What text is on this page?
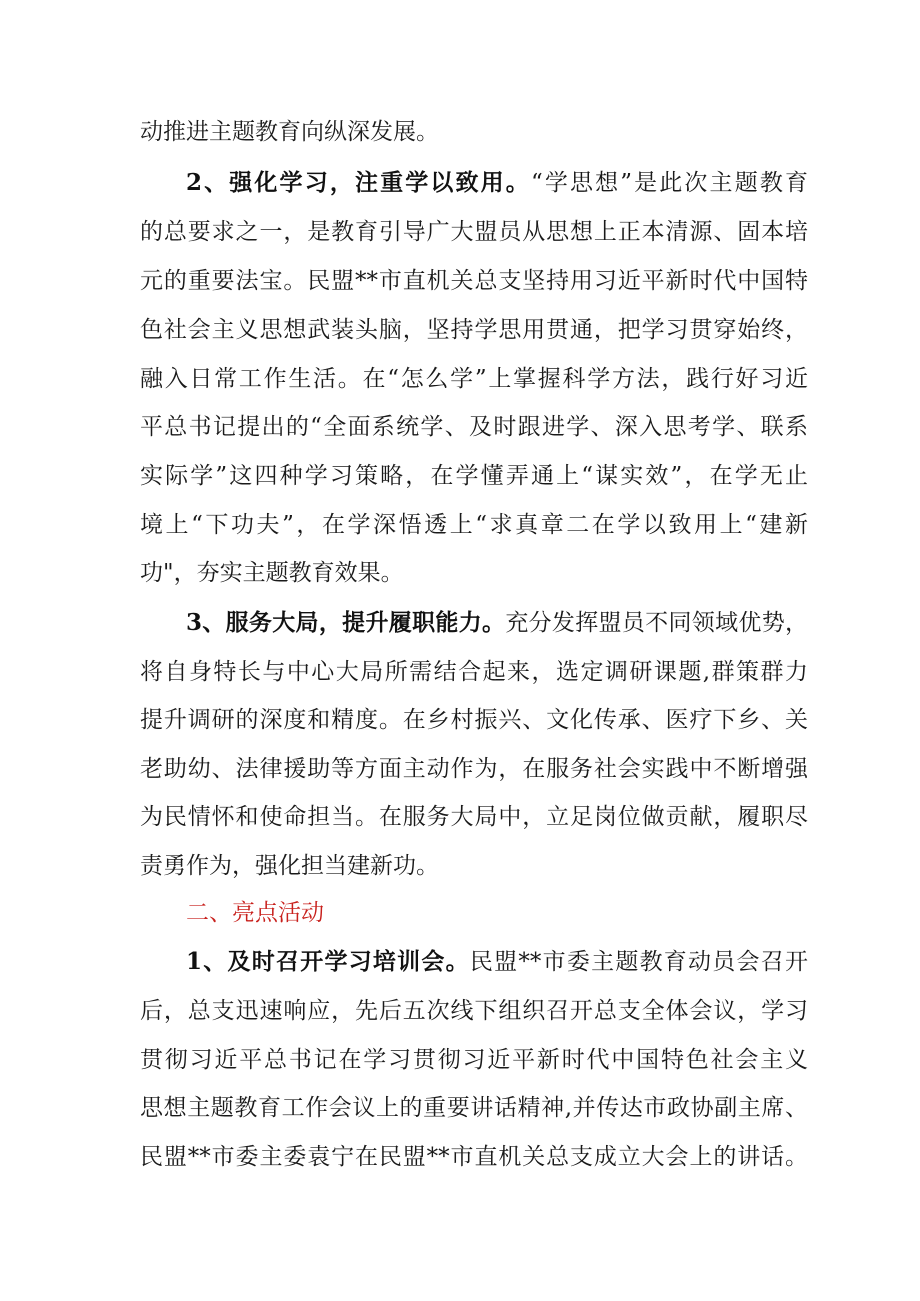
动推进主题教育向纵深发展。
2、强化学习，注重学以致用。“学思想”是此次主题教育
的总要求之一，是教育引导广大盟员从思想上正本清源、固本培
元的重要法宝。民盟**市直机关总支坚持用习近平新时代中国特
色社会主义思想武装头脑，坚持学思用贯通，把学习贯穿始终，
融入日常工作生活。在“怎么学”上掌握科学方法，践行好习近
平总书记提出的“全面系统学、及时跟进学、深入思考学、联系
实际学”这四种学习策略，在学懂弄通上“谋实效”，在学无止
境上“下功夫”，在学深悟透上“求真章二在学以致用上“建新
功"，夯实主题教育效果。
3、服务大局，提升履职能力。充分发挥盟员不同领域优势，
将自身特长与中心大局所需结合起来，选定调研课题,群策群力
提升调研的深度和精度。在乡村振兴、文化传承、医疗下乡、关
老助幼、法律援助等方面主动作为，在服务社会实践中不断增强
为民情怀和使命担当。在服务大局中，立足岗位做贡献，履职尽
责勇作为，强化担当建新功。
二、亮点活动
1、及时召开学习培训会。民盟**市委主题教育动员会召开
后，总支迅速响应，先后五次线下组织召开总支全体会议，学习
贯彻习近平总书记在学习贯彻习近平新时代中国特色社会主义
思想主题教育工作会议上的重要讲话精神,并传达市政协副主席、
民盟**市委主委袁宁在民盟**市直机关总支成立大会上的讲话。
